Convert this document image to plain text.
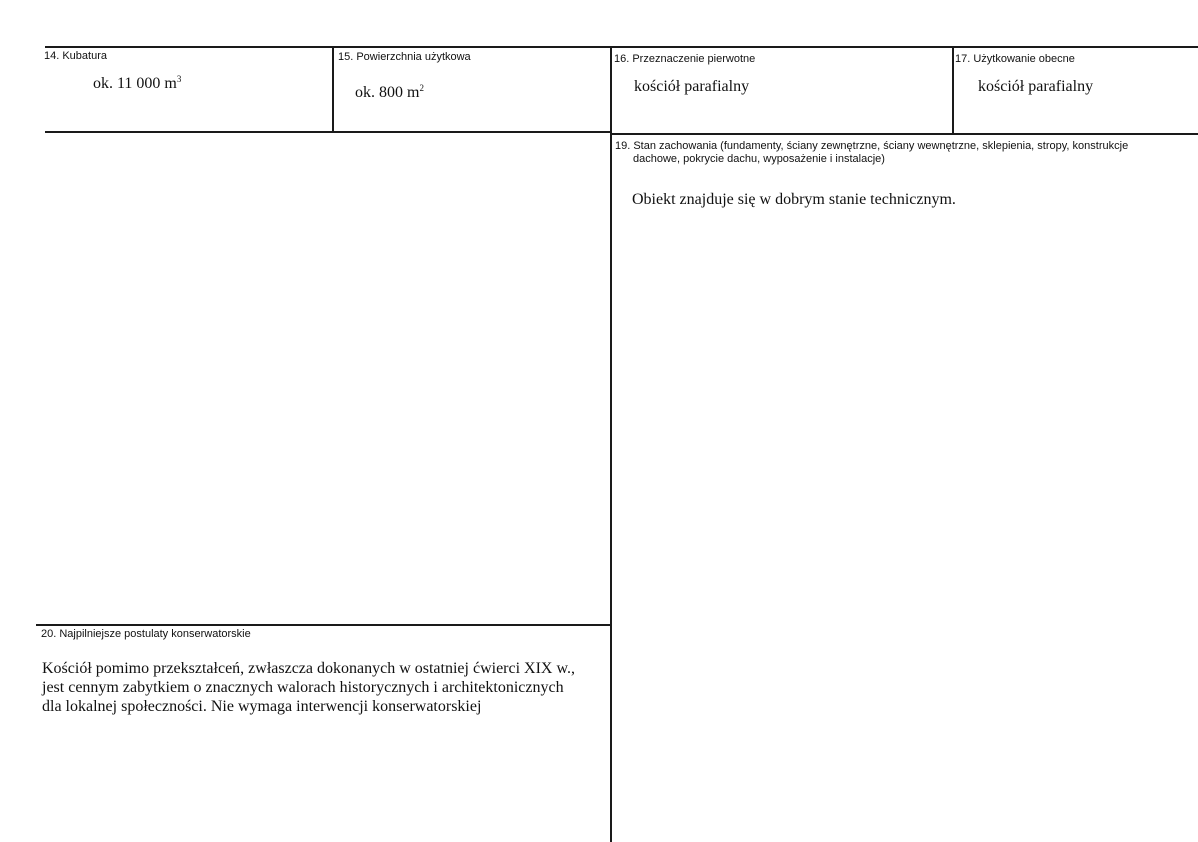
14. Kubatura
ok. 11 000 $m^3$
15. Powierzchnia użytkowa
ok. 800 $m^2$
16. Przeznaczenie pierwotne
kościół parafialny
17. Użytkowanie obecne
kościół parafialny
19. Stan zachowania (fundamenty, ściany zewnętrzne, ściany wewnętrzne, sklepienia, stropy, konstrukcje
dachowe, pokrycie dachu, wyposażenie i instalacje)
Obiekt znajduje się w dobrym stanie technicznym.
20. Najpilniejsze postulaty konserwatorskie
Kościół pomimo przekształceń, zwłaszcza dokonanych w ostatniej ćwierci XIX w.,
jest cennym zabytkiem o znacznych walorach historycznych i architektonicznych
dla lokalnej społeczności. Nie wymaga interwencji konserwatorskiej
